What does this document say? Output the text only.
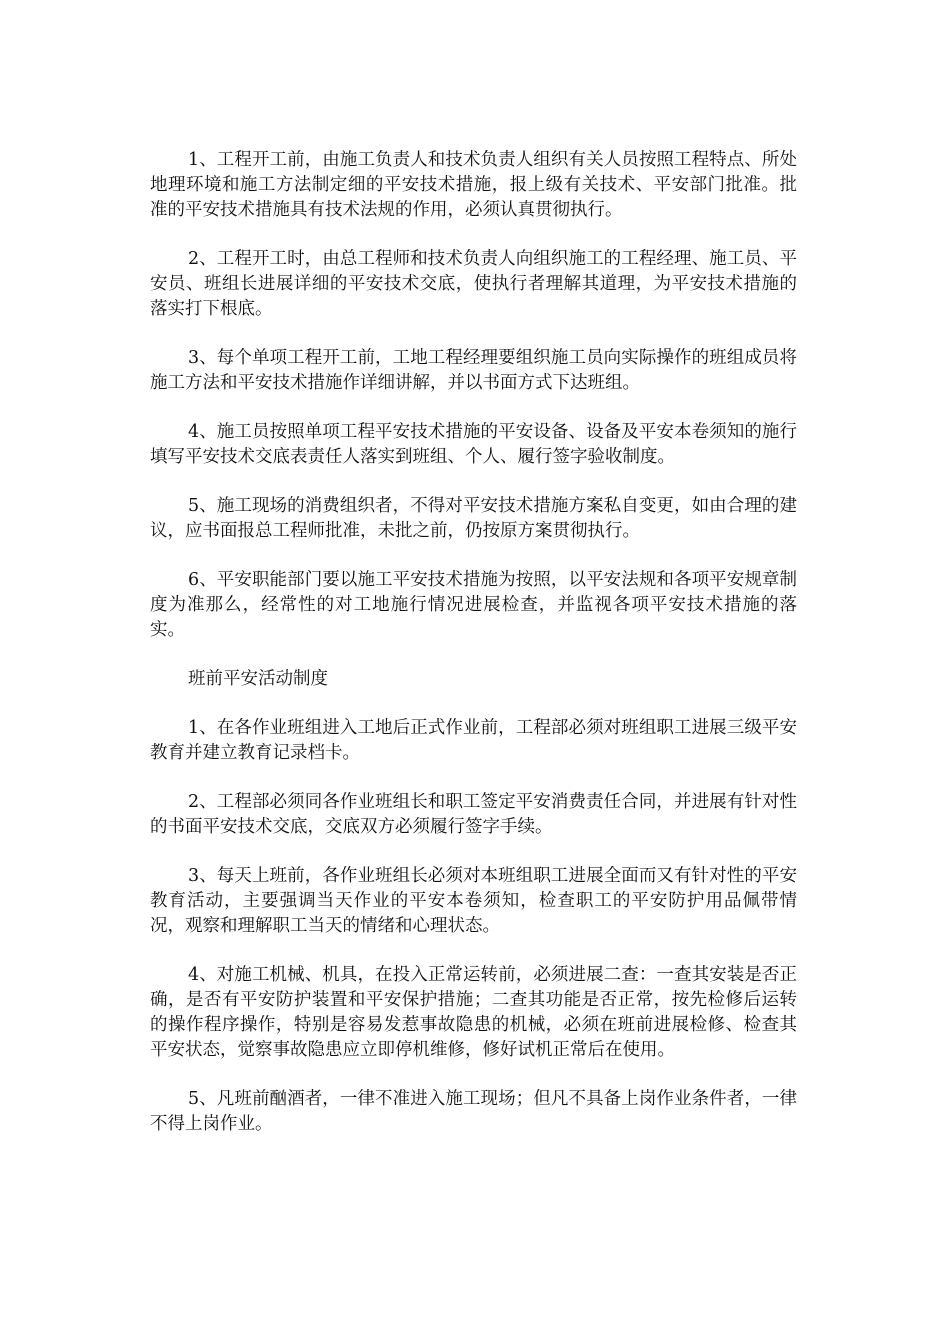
1、工程开工前，由施工负责人和技术负责人组织有关人员按照工程特点、所处地理环境和施工方法制定细的平安技术措施，报上级有关技术、平安部门批准。批准的平安技术措施具有技术法规的作用，必须认真贯彻执行。

2、工程开工时，由总工程师和技术负责人向组织施工的工程经理、施工员、平安员、班组长进展详细的平安技术交底，使执行者理解其道理，为平安技术措施的落实打下根底。

3、每个单项工程开工前，工地工程经理要组织施工员向实际操作的班组成员将施工方法和平安技术措施作详细讲解，并以书面方式下达班组。

4、施工员按照单项工程平安技术措施的平安设备、设备及平安本卷须知的施行填写平安技术交底表责任人落实到班组、个人、履行签字验收制度。

5、施工现场的消费组织者，不得对平安技术措施方案私自变更，如由合理的建议，应书面报总工程师批准，未批之前，仍按原方案贯彻执行。

6、平安职能部门要以施工平安技术措施为按照，以平安法规和各项平安规章制度为准那么，经常性的对工地施行情况进展检查，并监视各项平安技术措施的落实。

班前平安活动制度

1、在各作业班组进入工地后正式作业前，工程部必须对班组职工进展三级平安教育并建立教育记录档卡。

2、工程部必须同各作业班组长和职工签定平安消费责任合同，并进展有针对性的书面平安技术交底，交底双方必须履行签字手续。

3、每天上班前，各作业班组长必须对本班组职工进展全面而又有针对性的平安教育活动，主要强调当天作业的平安本卷须知，检查职工的平安防护用品佩带情况，观察和理解职工当天的情绪和心理状态。

4、对施工机械、机具，在投入正常运转前，必须进展二查：一查其安装是否正确，是否有平安防护装置和平安保护措施；二查其功能是否正常，按先检修后运转的操作程序操作，特别是容易发惹事故隐患的机械，必须在班前进展检修、检查其平安状态，觉察事故隐患应立即停机维修，修好试机正常后在使用。

5、凡班前酗酒者，一律不准进入施工现场；但凡不具备上岗作业条件者，一律不得上岗作业。
